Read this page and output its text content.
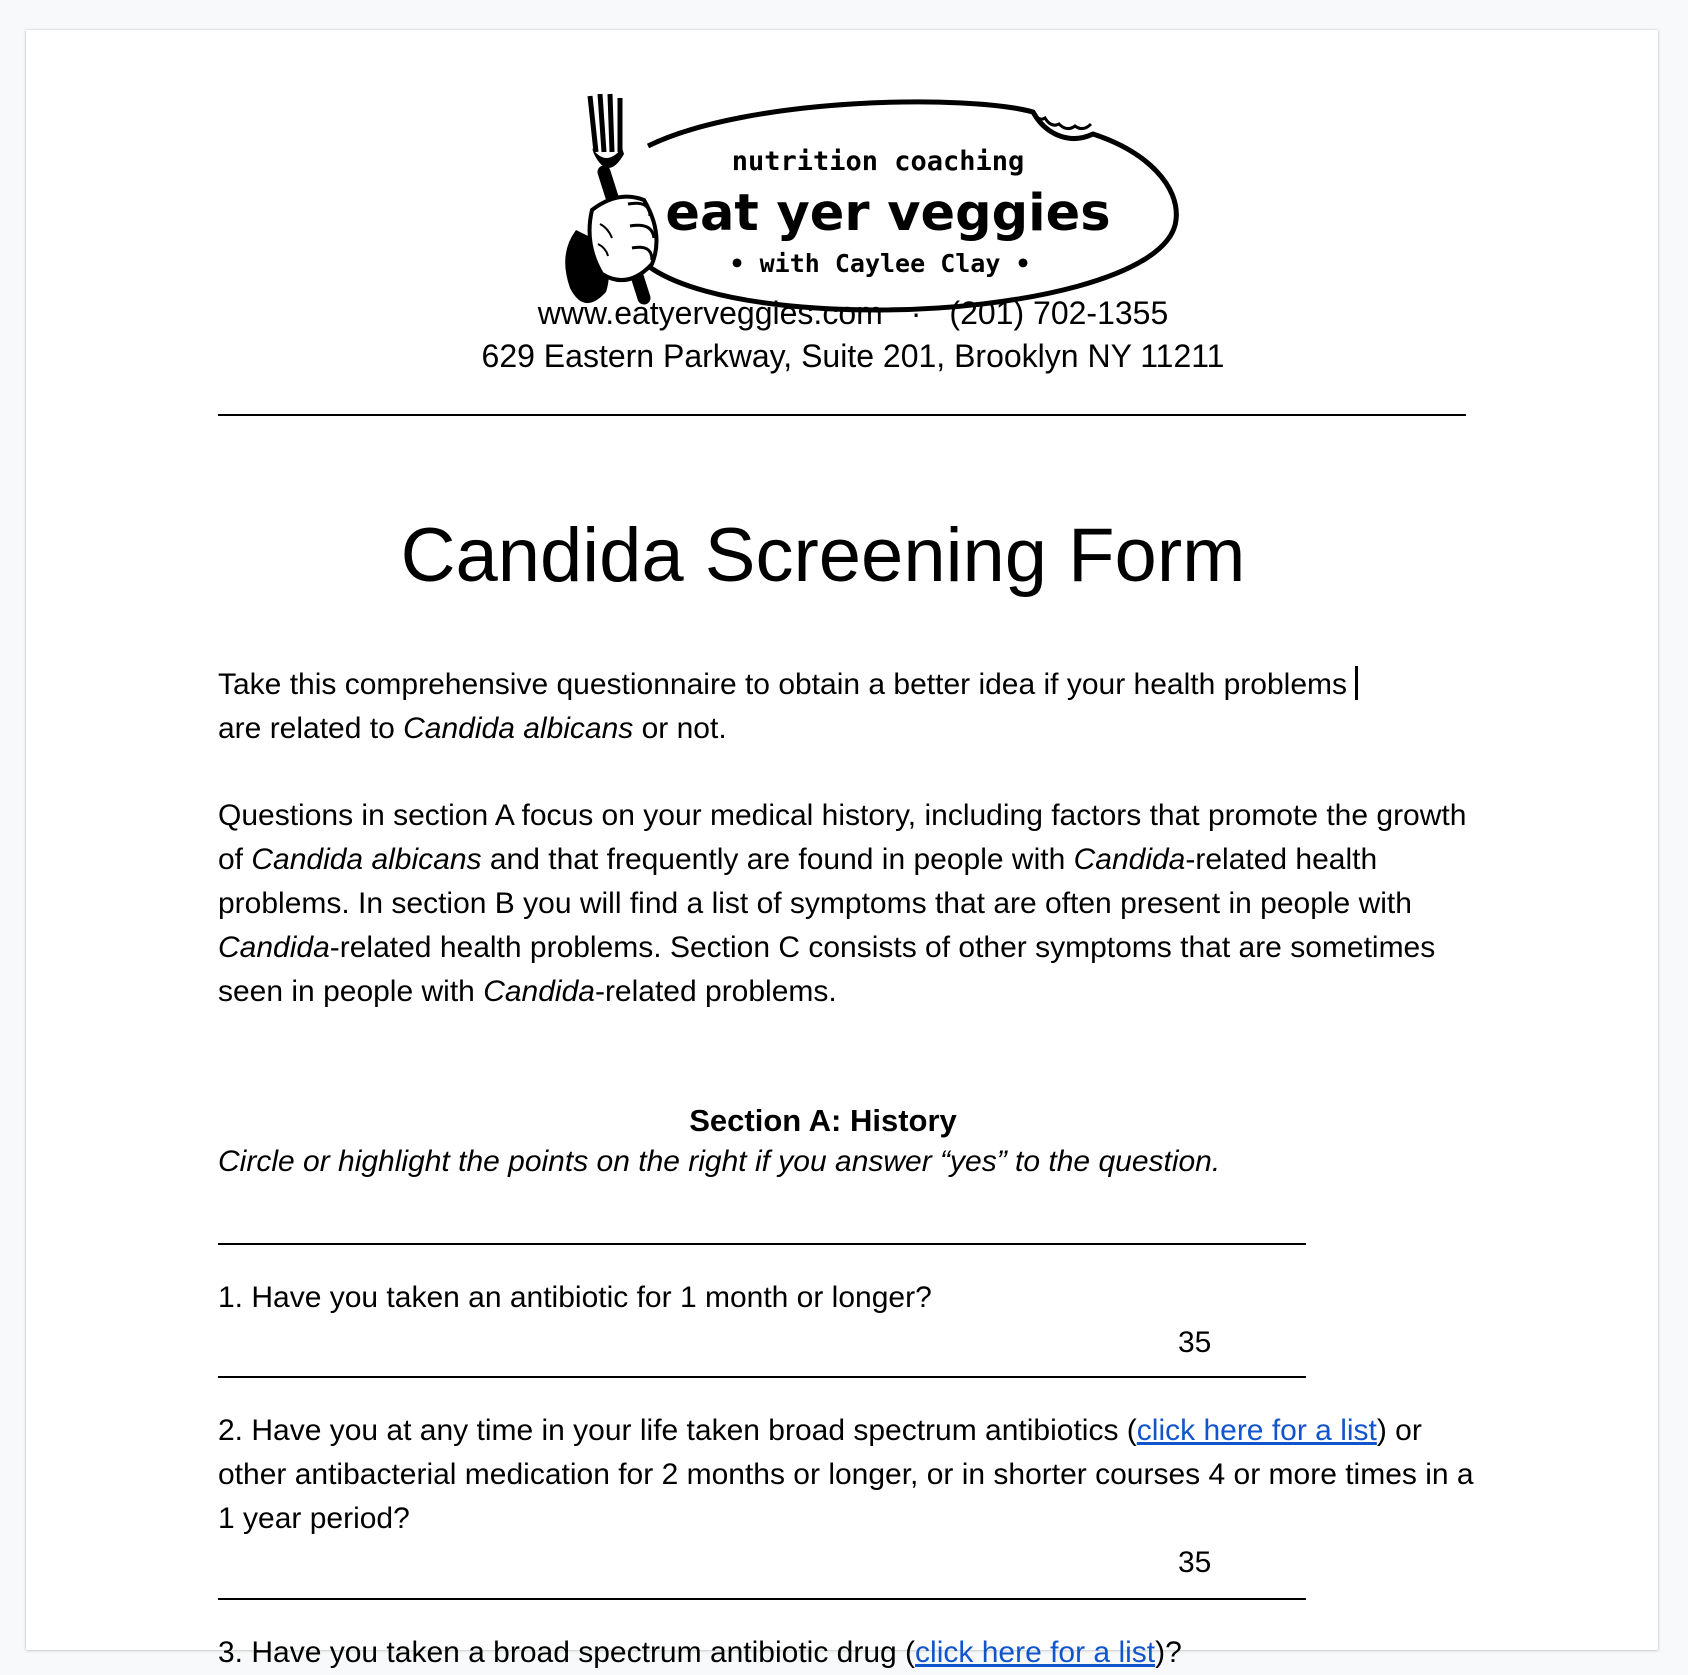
nutrition coaching
eat yer veggies
• with Caylee Clay •
www.eatyerveggies.com · (201) 702-1355
629 Eastern Parkway, Suite 201, Brooklyn NY 11211
Candida Screening Form

Take this comprehensive questionnaire to obtain a better idea if your health problems
are related to Candida albicans or not.

Questions in section A focus on your medical history, including factors that promote the growth of Candida albicans and that frequently are found in people with Candida-related health problems. In section B you will find a list of symptoms that are often present in people with Candida-related health problems. Section C consists of other symptoms that are sometimes seen in people with Candida-related problems.

Section A: History
Circle or highlight the points on the right if you answer “yes” to the question.

1. Have you taken an antibiotic for 1 month or longer?

35

2. Have you at any time in your life taken broad spectrum antibiotics (click here for a list) or other antibacterial medication for 2 months or longer, or in shorter courses 4 or more times in a 1 year period?

35

3. Have you taken a broad spectrum antibiotic drug (click here for a list)?
